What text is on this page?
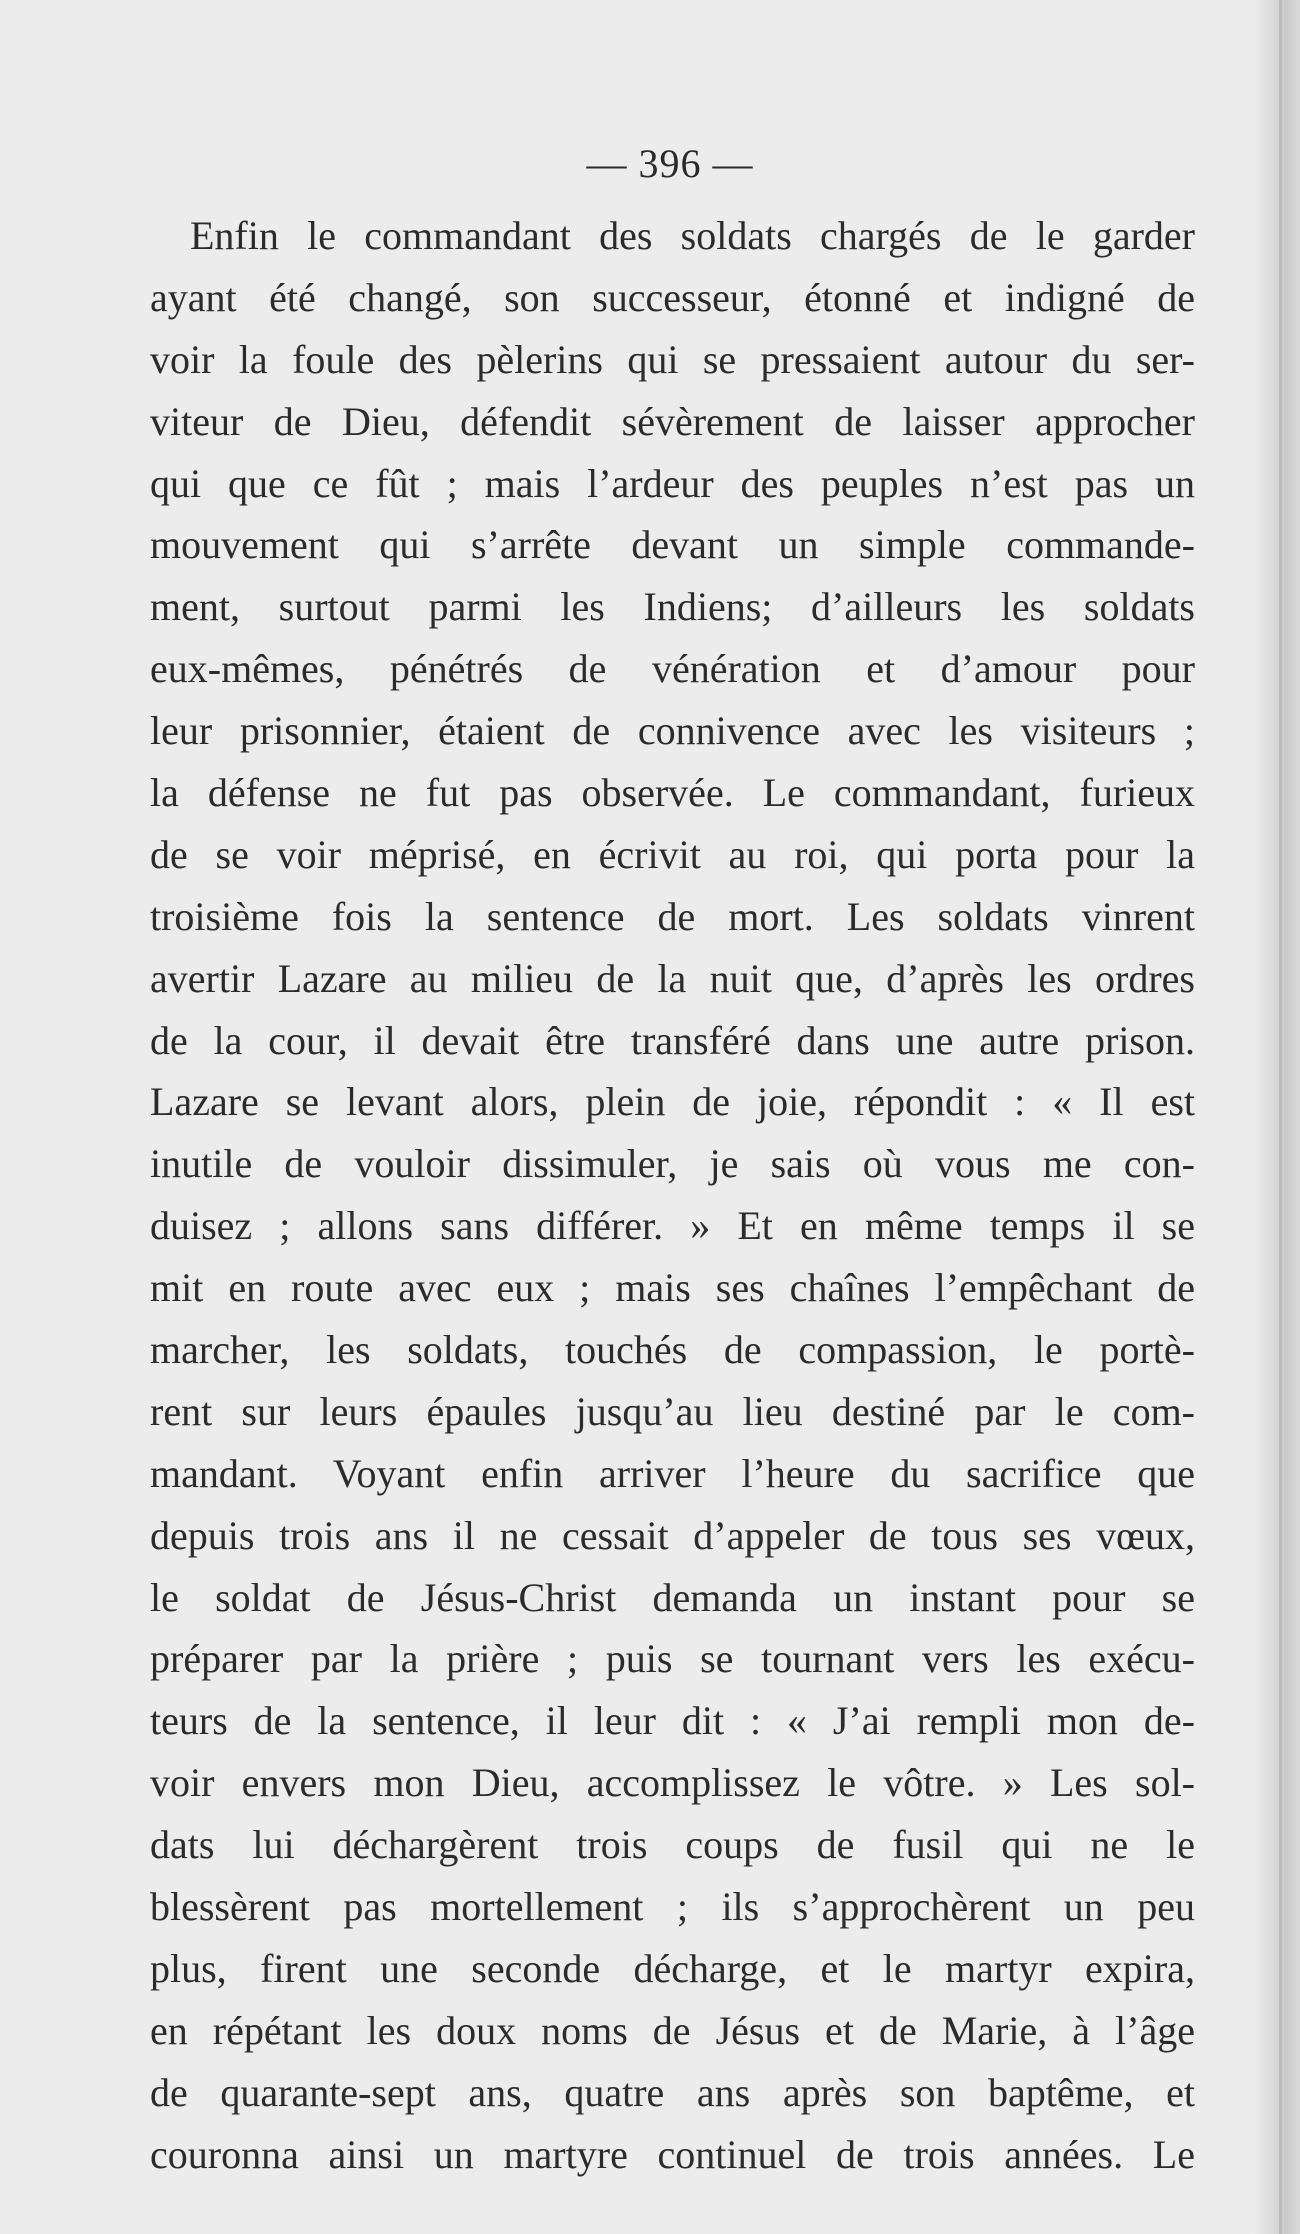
— 396 —
Enfin le commandant des soldats chargés de le garder
ayant été changé, son successeur, étonné et indigné de
voir la foule des pèlerins qui se pressaient autour du ser-
viteur de Dieu, défendit sévèrement de laisser approcher
qui que ce fût ; mais l’ardeur des peuples n’est pas un
mouvement qui s’arrête devant un simple commande-
ment, surtout parmi les Indiens; d’ailleurs les soldats
eux-mêmes, pénétrés de vénération et d’amour pour
leur prisonnier, étaient de connivence avec les visiteurs ;
la défense ne fut pas observée. Le commandant, furieux
de se voir méprisé, en écrivit au roi, qui porta pour la
troisième fois la sentence de mort. Les soldats vinrent
avertir Lazare au milieu de la nuit que, d’après les ordres
de la cour, il devait être transféré dans une autre prison.
Lazare se levant alors, plein de joie, répondit : « Il est
inutile de vouloir dissimuler, je sais où vous me con-
duisez ; allons sans différer. » Et en même temps il se
mit en route avec eux ; mais ses chaînes l’empêchant de
marcher, les soldats, touchés de compassion, le portè-
rent sur leurs épaules jusqu’au lieu destiné par le com-
mandant. Voyant enfin arriver l’heure du sacrifice que
depuis trois ans il ne cessait d’appeler de tous ses vœux,
le soldat de Jésus-Christ demanda un instant pour se
préparer par la prière ; puis se tournant vers les exécu-
teurs de la sentence, il leur dit : « J’ai rempli mon de-
voir envers mon Dieu, accomplissez le vôtre. » Les sol-
dats lui déchargèrent trois coups de fusil qui ne le
blessèrent pas mortellement ; ils s’approchèrent un peu
plus, firent une seconde décharge, et le martyr expira,
en répétant les doux noms de Jésus et de Marie, à l’âge
de quarante-sept ans, quatre ans après son baptême, et
couronna ainsi un martyre continuel de trois années. Le
